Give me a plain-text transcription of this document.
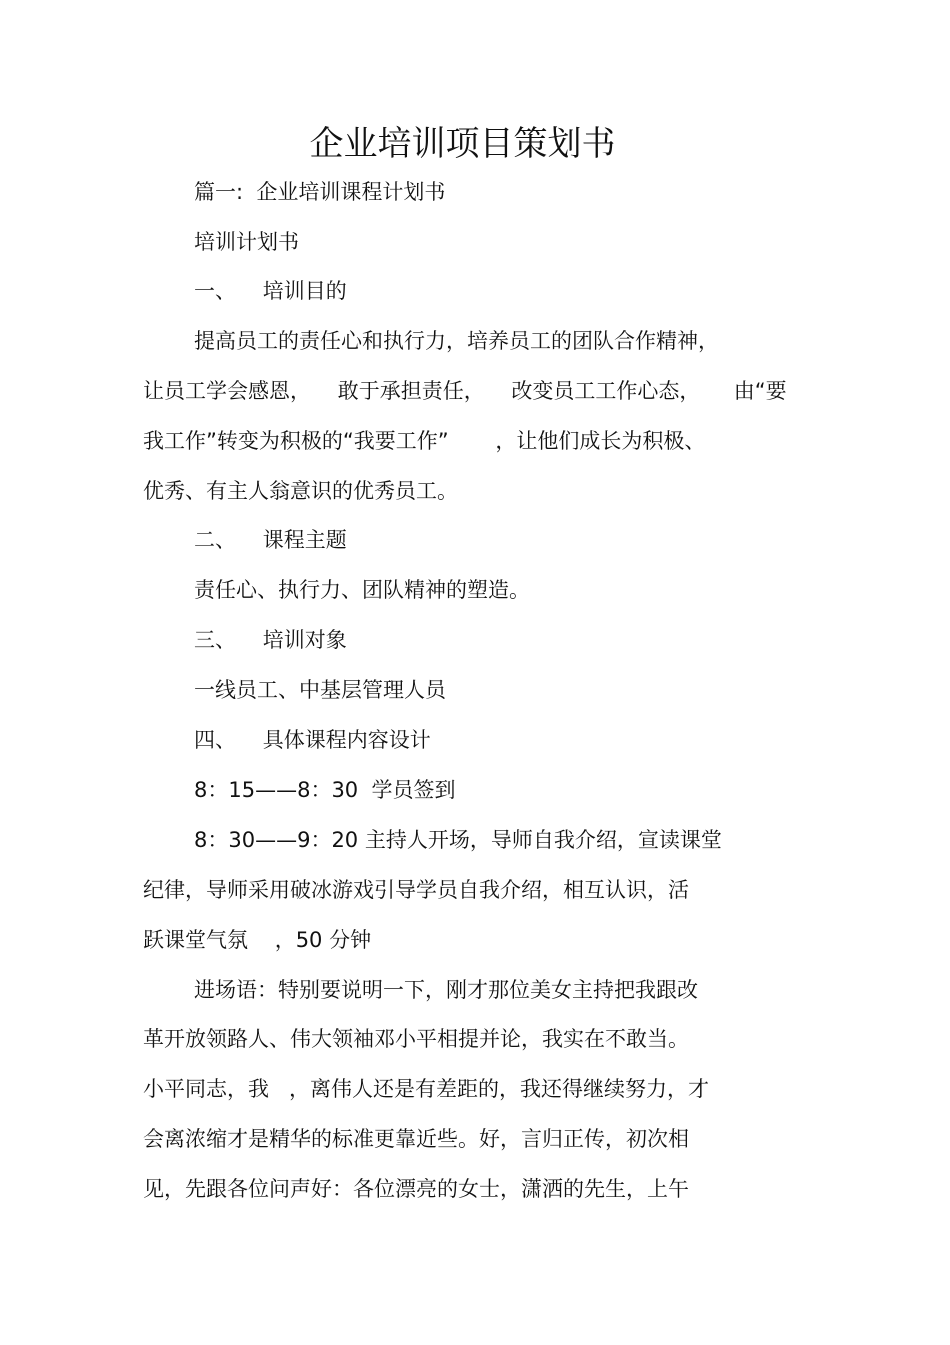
企业培训项目策划书
篇一:  企业培训课程计划书
培训计划书
一、    培训目的
提高员工的责任心和执行力，培养员工的团队合作精神，
让员工学会感恩，    敢于承担责任，    改变员工工作心态，     由“要
我工作”转变为积极的“我要工作”       ，让他们成长为积极、
优秀、有主人翁意识的优秀员工。
二、    课程主题
责任心、执行力、团队精神的塑造。
三、    培训对象
一线员工、中基层管理人员
四、    具体课程内容设计
8：15——8：30  学员签到
8：30——9：20 主持人开场，导师自我介绍，宣读课堂
纪律，导师采用破冰游戏引导学员自我介绍，相互认识，活
跃课堂气氛    ，50 分钟
进场语：特别要说明一下，刚才那位美女主持把我跟改
革开放领路人、伟大领袖邓小平相提并论，我实在不敢当。
小平同志，我   ，离伟人还是有差距的，我还得继续努力，才
会离浓缩才是精华的标准更靠近些。好，言归正传，初次相
见，先跟各位问声好：各位漂亮的女士，潇洒的先生，上午
